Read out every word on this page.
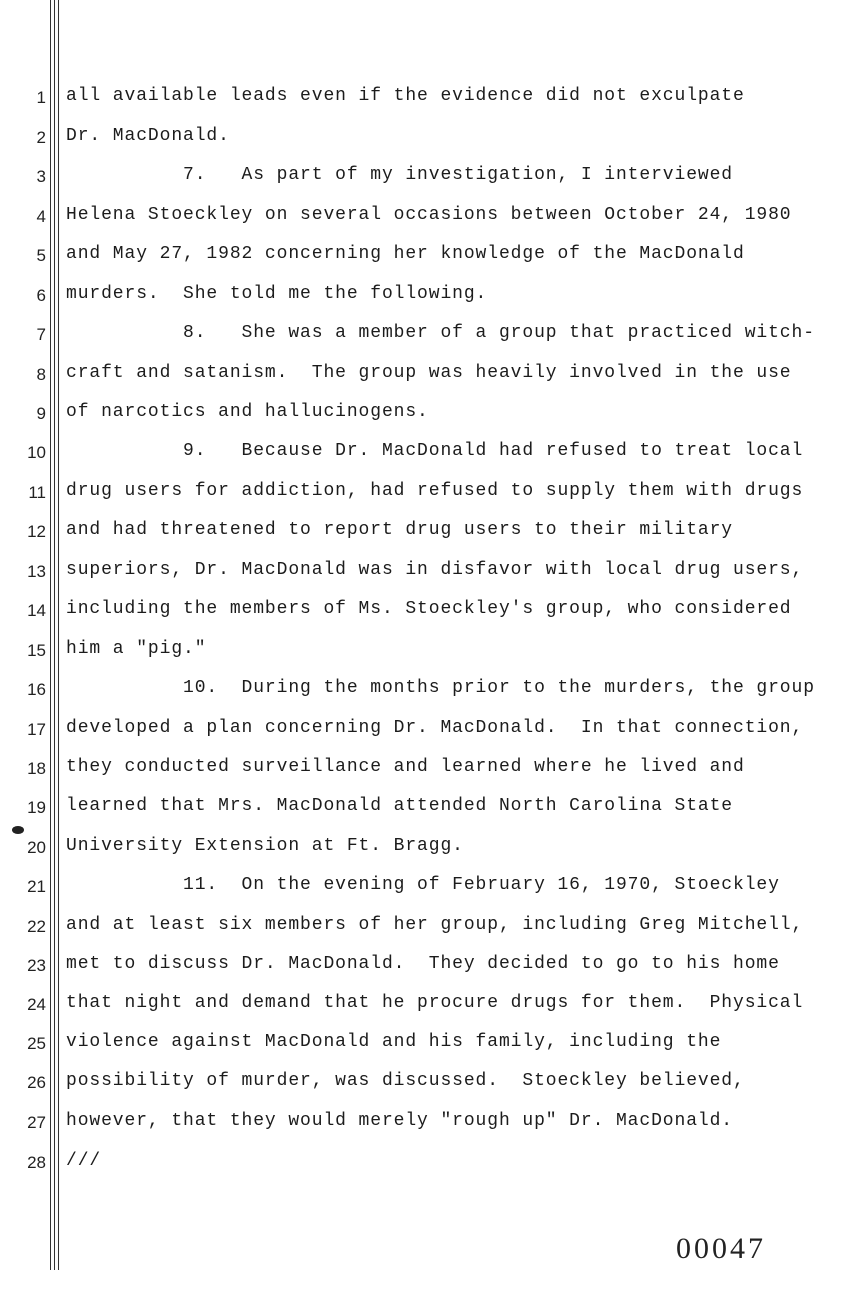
1
2
3
4
5
6
7
8
9
10
11
12
13
14
15
16
17
18
19
20
21
22
23
24
25
26
27
28
all available leads even if the evidence did not exculpate
Dr. MacDonald.
7.   As part of my investigation, I interviewed
Helena Stoeckley on several occasions between October 24, 1980
and May 27, 1982 concerning her knowledge of the MacDonald
murders.  She told me the following.
8.   She was a member of a group that practiced witch-
craft and satanism.  The group was heavily involved in the use
of narcotics and hallucinogens.
9.   Because Dr. MacDonald had refused to treat local
drug users for addiction, had refused to supply them with drugs
and had threatened to report drug users to their military
superiors, Dr. MacDonald was in disfavor with local drug users,
including the members of Ms. Stoeckley's group, who considered
him a "pig."
10.  During the months prior to the murders, the group
developed a plan concerning Dr. MacDonald.  In that connection,
they conducted surveillance and learned where he lived and
learned that Mrs. MacDonald attended North Carolina State
University Extension at Ft. Bragg.
11.  On the evening of February 16, 1970, Stoeckley
and at least six members of her group, including Greg Mitchell,
met to discuss Dr. MacDonald.  They decided to go to his home
that night and demand that he procure drugs for them.  Physical
violence against MacDonald and his family, including the
possibility of murder, was discussed.  Stoeckley believed,
however, that they would merely "rough up" Dr. MacDonald.
///
00047
